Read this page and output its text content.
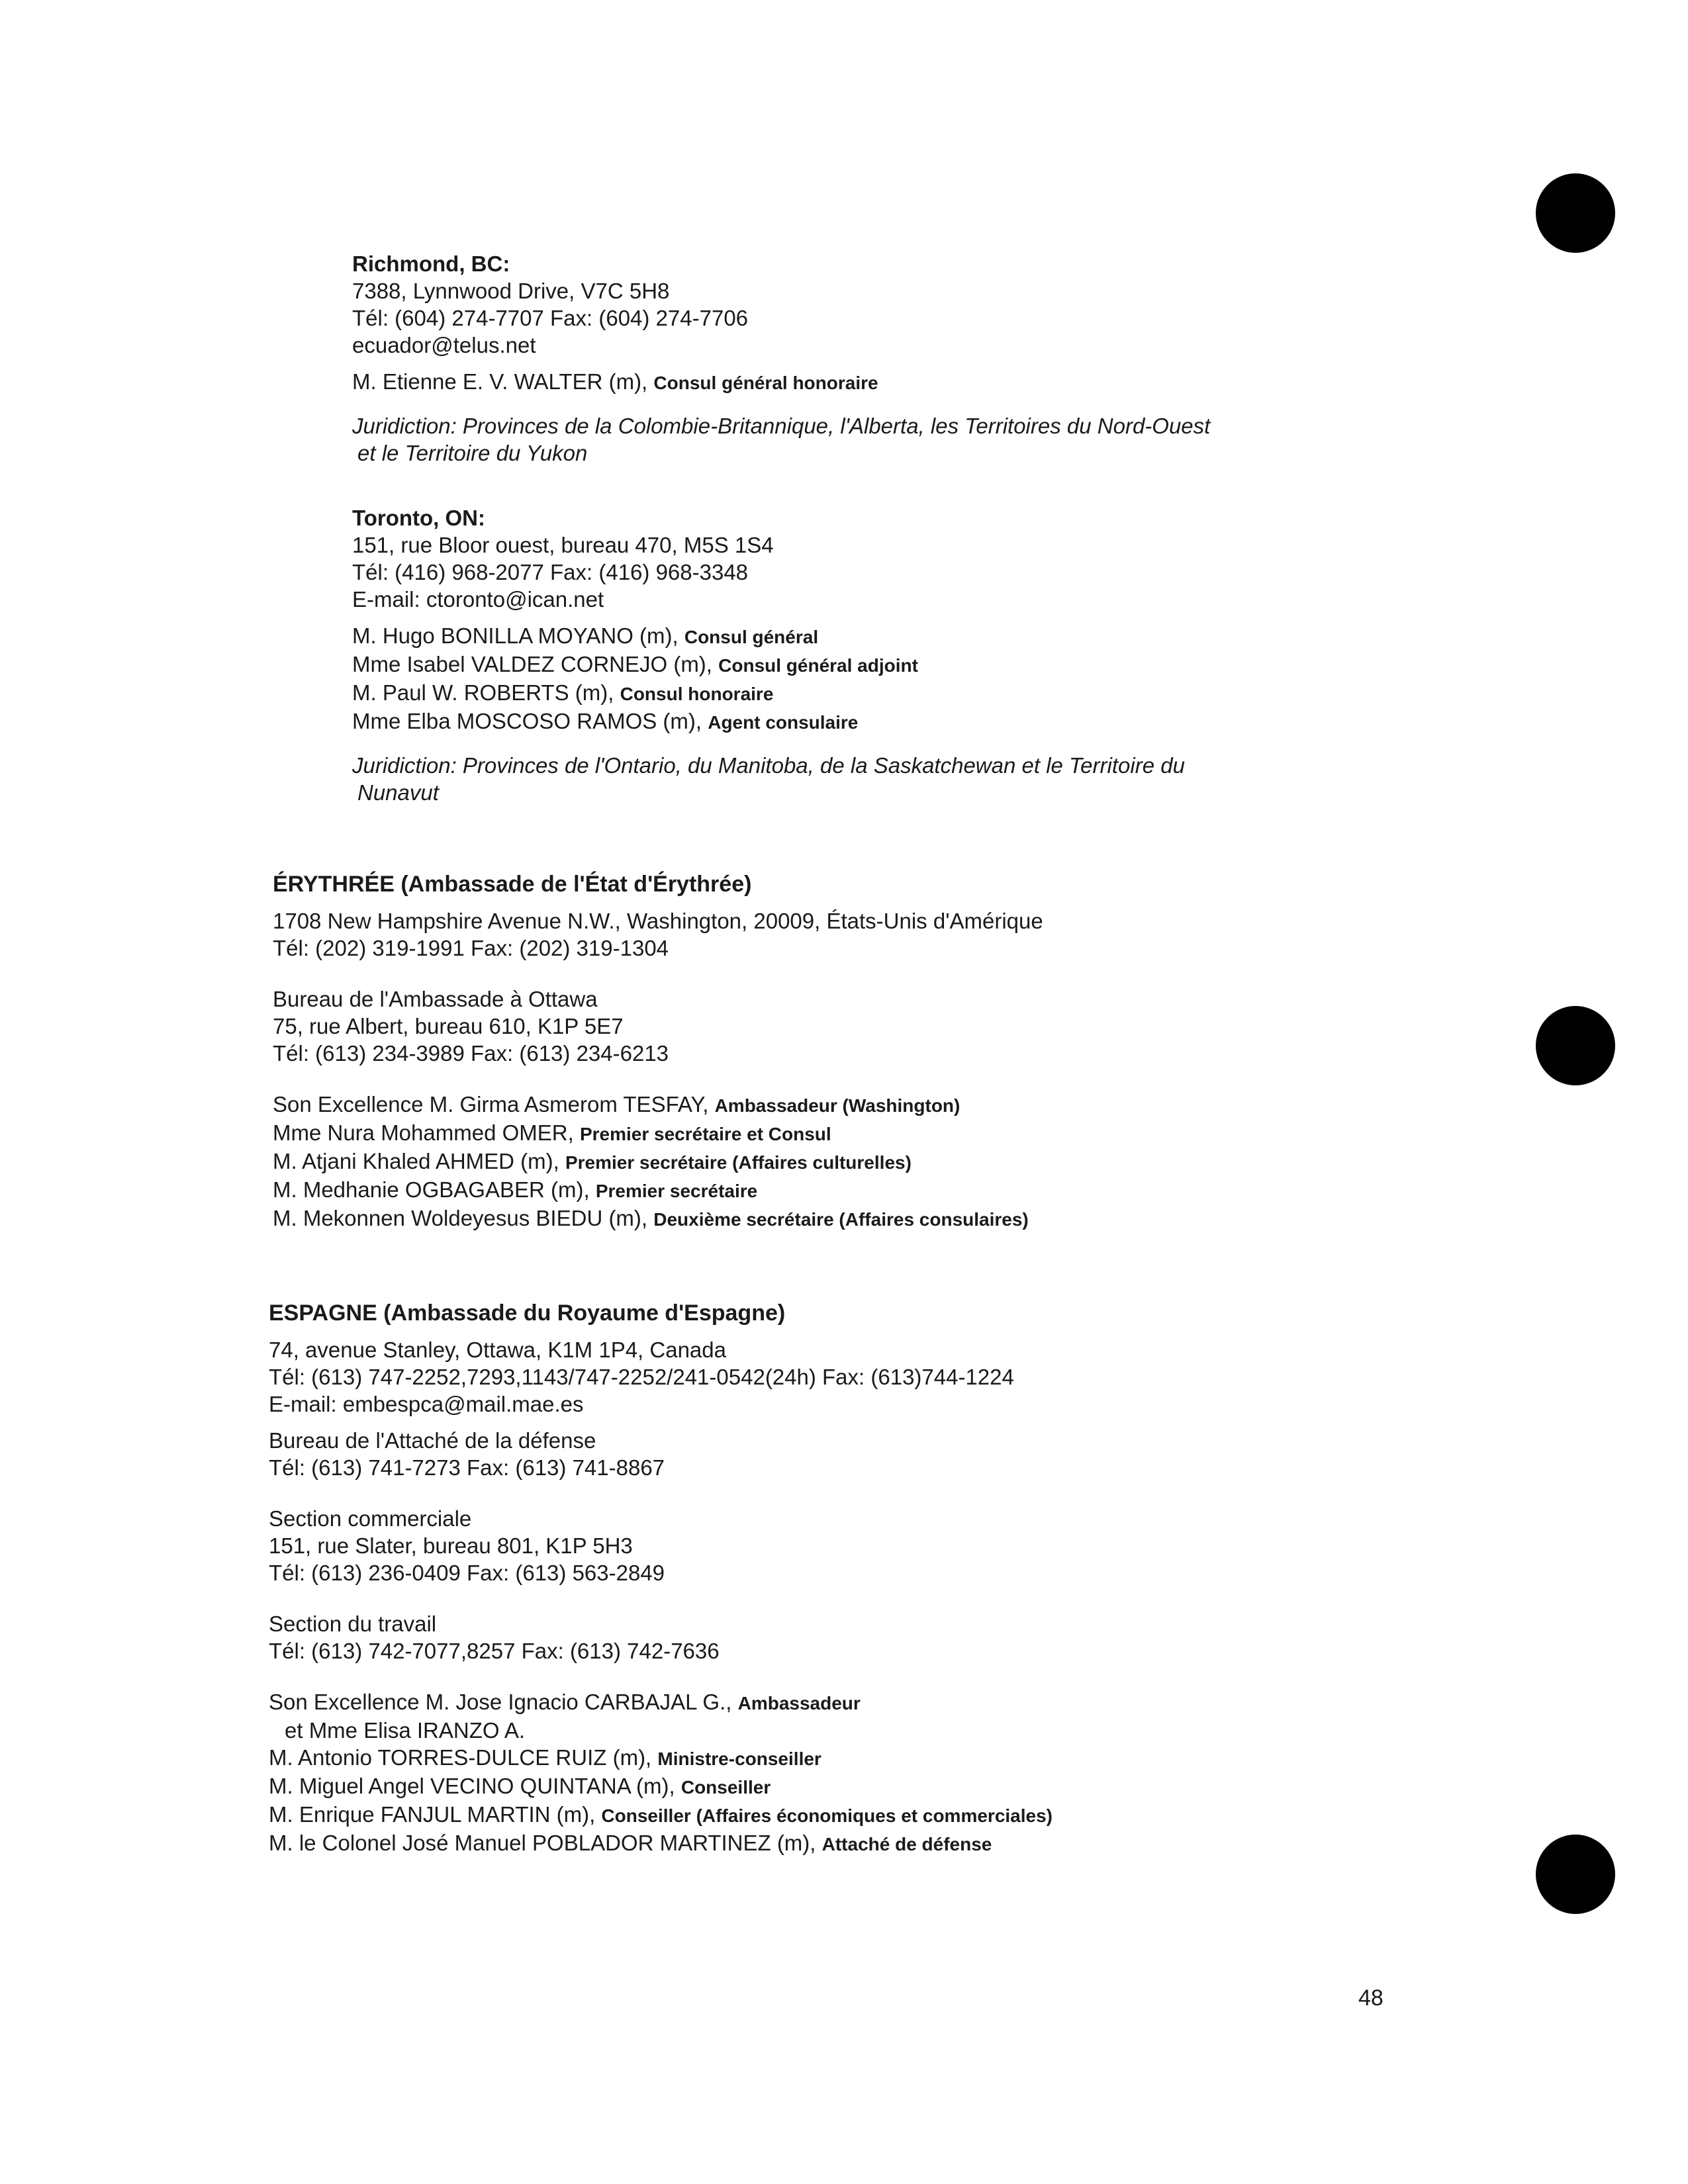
Richmond, BC:
7388, Lynnwood Drive, V7C 5H8
Tél: (604) 274-7707 Fax: (604) 274-7706
ecuador@telus.net
M. Etienne E. V. WALTER (m), Consul général honoraire
Juridiction: Provinces de la Colombie-Britannique, l'Alberta, les Territoires du Nord-Ouest
et le Territoire du Yukon
Toronto, ON:
151, rue Bloor ouest, bureau 470, M5S 1S4
Tél: (416) 968-2077 Fax: (416) 968-3348
E-mail: ctoronto@ican.net
M. Hugo BONILLA MOYANO (m), Consul général
Mme Isabel VALDEZ CORNEJO (m), Consul général adjoint
M. Paul W. ROBERTS (m), Consul honoraire
Mme Elba MOSCOSO RAMOS (m), Agent consulaire
Juridiction: Provinces de l'Ontario, du Manitoba, de la Saskatchewan et le Territoire du
Nunavut
ÉRYTHRÉE (Ambassade de l'État d'Érythrée)
1708 New Hampshire Avenue N.W., Washington, 20009, États-Unis d'Amérique
Tél: (202) 319-1991 Fax: (202) 319-1304
Bureau de l'Ambassade à Ottawa
75, rue Albert, bureau 610, K1P 5E7
Tél: (613) 234-3989 Fax: (613) 234-6213
Son Excellence M. Girma Asmerom TESFAY, Ambassadeur (Washington)
Mme Nura Mohammed OMER, Premier secrétaire et Consul
M. Atjani Khaled AHMED (m), Premier secrétaire (Affaires culturelles)
M. Medhanie OGBAGABER (m), Premier secrétaire
M. Mekonnen Woldeyesus BIEDU (m), Deuxième secrétaire (Affaires consulaires)
ESPAGNE (Ambassade du Royaume d'Espagne)
74, avenue Stanley, Ottawa, K1M 1P4, Canada
Tél: (613) 747-2252,7293,1143/747-2252/241-0542(24h) Fax: (613)744-1224
E-mail: embespca@mail.mae.es
Bureau de l'Attaché de la défense
Tél: (613) 741-7273 Fax: (613) 741-8867
Section commerciale
151, rue Slater, bureau 801, K1P 5H3
Tél: (613) 236-0409 Fax: (613) 563-2849
Section du travail
Tél: (613) 742-7077,8257 Fax: (613) 742-7636
Son Excellence M. Jose Ignacio CARBAJAL G., Ambassadeur
et Mme Elisa IRANZO A.
M. Antonio TORRES-DULCE RUIZ (m), Ministre-conseiller
M. Miguel Angel VECINO QUINTANA (m), Conseiller
M. Enrique FANJUL MARTIN (m), Conseiller (Affaires économiques et commerciales)
M. le Colonel José Manuel POBLADOR MARTINEZ (m), Attaché de défense
48
